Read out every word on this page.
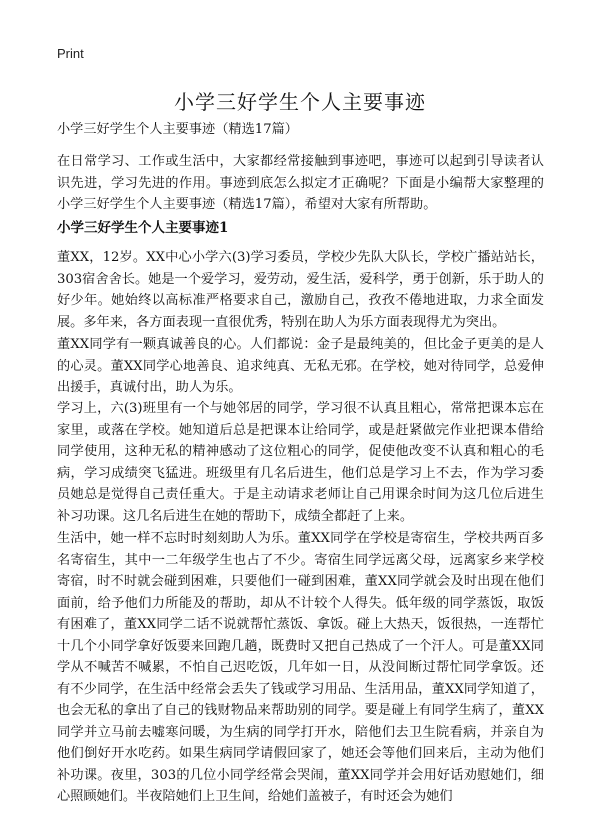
Print
小学三好学生个人主要事迹

小学三好学生个人主要事迹（精选17篇）

在日常学习、工作或生活中，大家都经常接触到事迹吧，事迹可以起到引导读者认识先进，学习先进的作用。事迹到底怎么拟定才正确呢？下面是小编帮大家整理的小学三好学生个人主要事迹（精选17篇），希望对大家有所帮助。

小学三好学生个人主要事迹1

董XX，12岁。XX中心小学六(3)学习委员，学校少先队大队长，学校广播站站长，303宿舍舍长。她是一个爱学习，爱劳动，爱生活，爱科学，勇于创新，乐于助人的好少年。她始终以高标准严格要求自己，激励自己，孜孜不倦地进取，力求全面发展。多年来，各方面表现一直很优秀，特别在助人为乐方面表现得尤为突出。

董XX同学有一颗真诚善良的心。人们都说：金子是最纯美的，但比金子更美的是人的心灵。董XX同学心地善良、追求纯真、无私无邪。在学校，她对待同学，总爱伸出援手，真诚付出，助人为乐。

学习上，六(3)班里有一个与她邻居的同学，学习很不认真且粗心，常常把课本忘在家里，或落在学校。她知道后总是把课本让给同学，或是赶紧做完作业把课本借给同学使用，这种无私的精神感动了这位粗心的同学，促使他改变不认真和粗心的毛病，学习成绩突飞猛进。班级里有几名后进生，他们总是学习上不去，作为学习委员她总是觉得自己责任重大。于是主动请求老师让自己用课余时间为这几位后进生补习功课。这几名后进生在她的帮助下，成绩全都赶了上来。

生活中，她一样不忘时时刻刻助人为乐。董XX同学在学校是寄宿生，学校共两百多名寄宿生，其中一二年级学生也占了不少。寄宿生同学远离父母，远离家乡来学校寄宿，时不时就会碰到困难，只要他们一碰到困难，董XX同学就会及时出现在他们面前，给予他们力所能及的帮助，却从不计较个人得失。低年级的同学蒸饭，取饭有困难了，董XX同学二话不说就帮忙蒸饭、拿饭。碰上大热天，饭很热，一连帮忙十几个小同学拿好饭要来回跑几趟，既费时又把自己热成了一个汗人。可是董XX同学从不喊苦不喊累，不怕自己迟吃饭，几年如一日，从没间断过帮忙同学拿饭。还有不少同学，在生活中经常会丢失了钱或学习用品、生活用品，董XX同学知道了，也会无私的拿出了自己的钱财物品来帮助别的同学。要是碰上有同学生病了，董XX同学并立马前去嘘寒问暖，为生病的同学打开水，陪他们去卫生院看病，并亲自为他们倒好开水吃药。如果生病同学请假回家了，她还会等他们回来后，主动为他们补功课。夜里，303的几位小同学经常会哭闹，董XX同学并会用好话劝慰她们，细心照顾她们。半夜陪她们上卫生间，给她们盖被子，有时还会为她们
